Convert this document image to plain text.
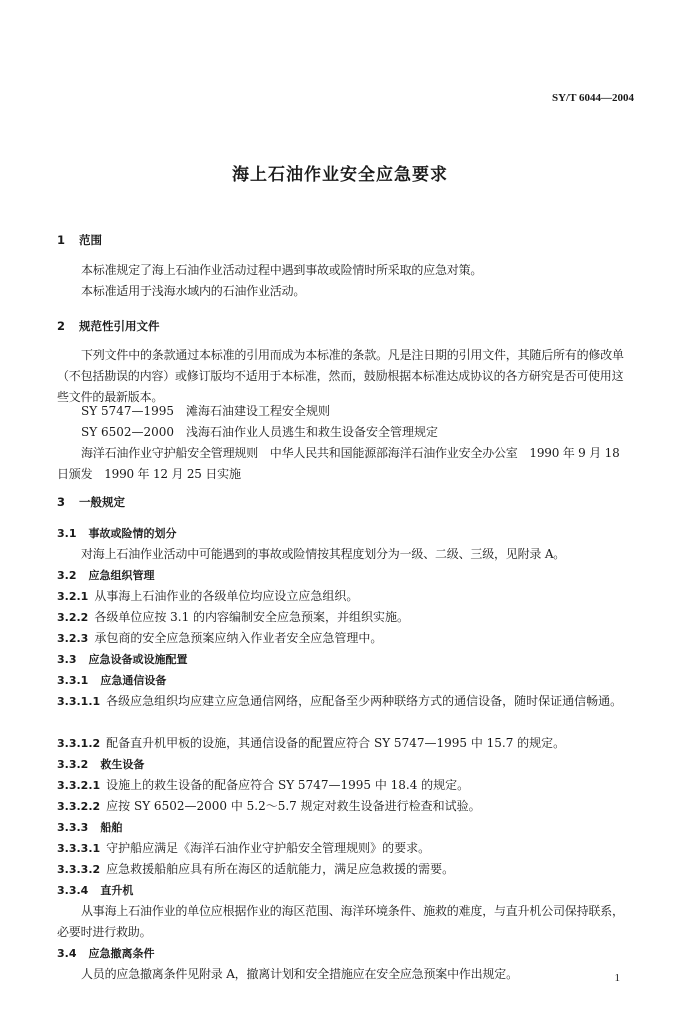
SY/T 6044—2004
海上石油作业安全应急要求
1 范围
本标准规定了海上石油作业活动过程中遇到事故或险情时所采取的应急对策。
本标准适用于浅海水域内的石油作业活动。
2 规范性引用文件
下列文件中的条款通过本标准的引用而成为本标准的条款。凡是注日期的引用文件，其随后所有的修改单（不包括勘误的内容）或修订版均不适用于本标准，然而，鼓励根据本标准达成协议的各方研究是否可使用这些文件的最新版本。
SY 5747—1995　滩海石油建设工程安全规则
SY 6502—2000　浅海石油作业人员逃生和救生设备安全管理规定
海洋石油作业守护船安全管理规则　中华人民共和国能源部海洋石油作业安全办公室　1990 年 9 月 18 日颁发　1990 年 12 月 25 日实施
3 一般规定
3.1 事故或险情的划分
对海上石油作业活动中可能遇到的事故或险情按其程度划分为一级、二级、三级，见附录 A。
3.2 应急组织管理
3.2.1 从事海上石油作业的各级单位均应设立应急组织。
3.2.2 各级单位应按 3.1 的内容编制安全应急预案，并组织实施。
3.2.3 承包商的安全应急预案应纳入作业者安全应急管理中。
3.3 应急设备或设施配置
3.3.1 应急通信设备
3.3.1.1 各级应急组织均应建立应急通信网络，应配备至少两种联络方式的通信设备，随时保证通信畅通。
3.3.1.2 配备直升机甲板的设施，其通信设备的配置应符合 SY 5747—1995 中 15.7 的规定。
3.3.2 救生设备
3.3.2.1 设施上的救生设备的配备应符合 SY 5747—1995 中 18.4 的规定。
3.3.2.2 应按 SY 6502—2000 中 5.2～5.7 规定对救生设备进行检查和试验。
3.3.3 船舶
3.3.3.1 守护船应满足《海洋石油作业守护船安全管理规则》的要求。
3.3.3.2 应急救援船舶应具有所在海区的适航能力，满足应急救援的需要。
3.3.4 直升机
从事海上石油作业的单位应根据作业的海区范围、海洋环境条件、施救的难度，与直升机公司保持联系，必要时进行救助。
3.4 应急撤离条件
人员的应急撤离条件见附录 A，撤离计划和安全措施应在安全应急预案中作出规定。	1
